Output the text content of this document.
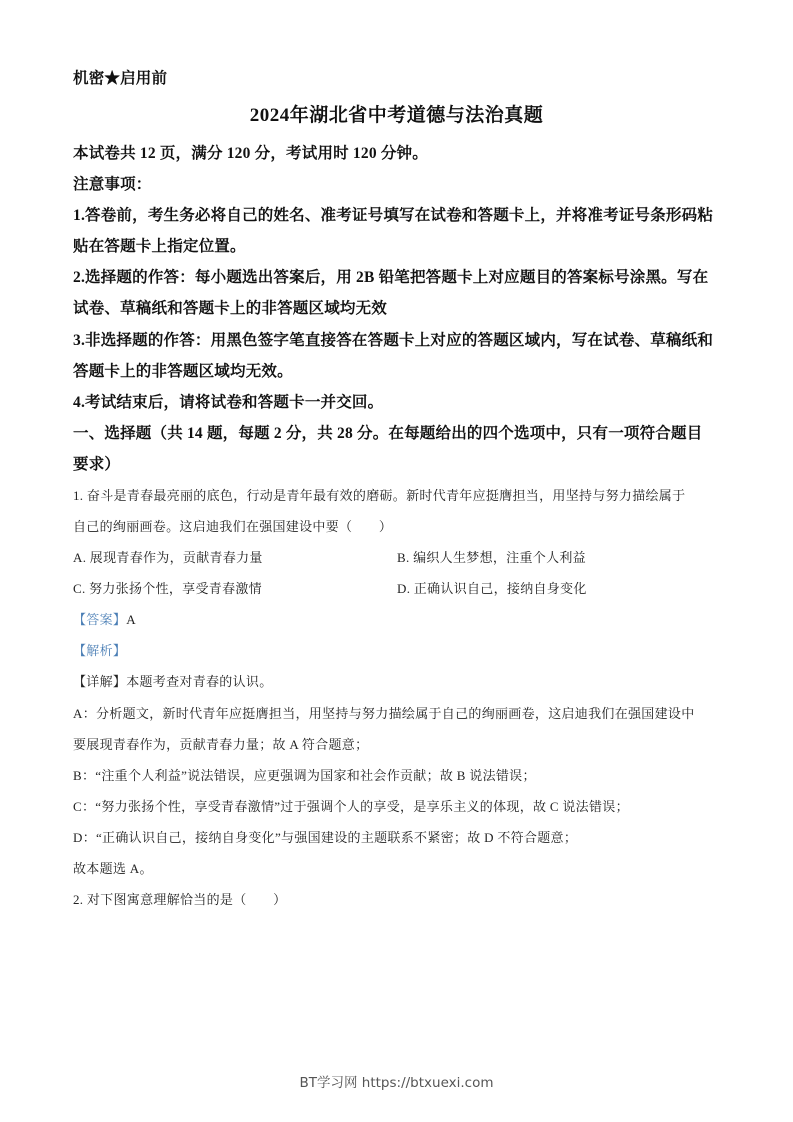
机密★启用前
2024年湖北省中考道德与法治真题
本试卷共 12 页，满分 120 分，考试用时 120 分钟。
注意事项：
1.答卷前，考生务必将自己的姓名、准考证号填写在试卷和答题卡上，并将准考证号条形码粘
贴在答题卡上指定位置。
2.选择题的作答：每小题选出答案后，用 2B 铅笔把答题卡上对应题目的答案标号涂黑。写在
试卷、草稿纸和答题卡上的非答题区域均无效
3.非选择题的作答：用黑色签字笔直接答在答题卡上对应的答题区域内，写在试卷、草稿纸和
答题卡上的非答题区域均无效。
4.考试结束后，请将试卷和答题卡一并交回。
一、选择题（共 14 题，每题 2 分，共 28 分。在每题给出的四个选项中，只有一项符合题目
要求）
1. 奋斗是青春最亮丽的底色，行动是青年最有效的磨砺。新时代青年应挺膺担当，用坚持与努力描绘属于
自己的绚丽画卷。这启迪我们在强国建设中要（　　）
A. 展现青春作为，贡献青春力量	B. 编织人生梦想，注重个人利益
C. 努力张扬个性，享受青春激情	D. 正确认识自己，接纳自身变化
【答案】A
【解析】
【详解】本题考查对青春的认识。
A：分析题文，新时代青年应挺膺担当，用坚持与努力描绘属于自己的绚丽画卷，这启迪我们在强国建设中
要展现青春作为，贡献青春力量；故 A 符合题意；
B：“注重个人利益”说法错误，应更强调为国家和社会作贡献；故 B 说法错误；
C：“努力张扬个性，享受青春激情”过于强调个人的享受，是享乐主义的体现，故 C 说法错误；
D：“正确认识自己，接纳自身变化”与强国建设的主题联系不紧密；故 D 不符合题意；
故本题选 A。
2. 对下图寓意理解恰当的是（　　）
BT学习网 https://btxuexi.com
